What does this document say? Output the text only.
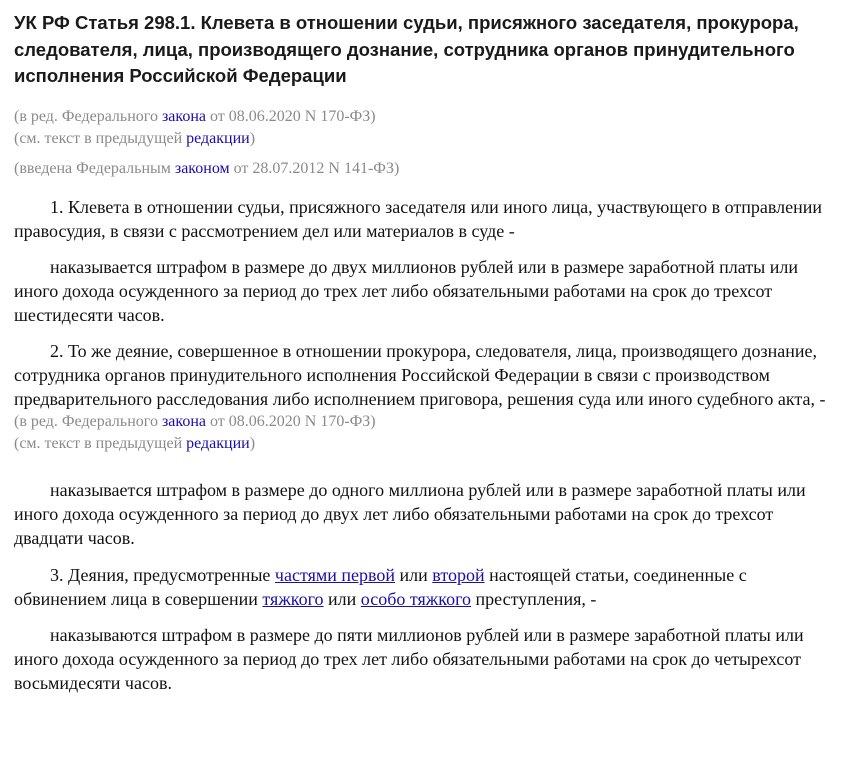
УК РФ Статья 298.1. Клевета в отношении судьи, присяжного заседателя, прокурора, следователя, лица, производящего дознание, сотрудника органов принудительного исполнения Российской Федерации
(в ред. Федерального закона от 08.06.2020 N 170-ФЗ)
(см. текст в предыдущей редакции)
(введена Федеральным законом от 28.07.2012 N 141-ФЗ)

1. Клевета в отношении судьи, присяжного заседателя или иного лица, участвующего в отправлении правосудия, в связи с рассмотрением дел или материалов в суде -

наказывается штрафом в размере до двух миллионов рублей или в размере заработной платы или иного дохода осужденного за период до трех лет либо обязательными работами на срок до трехсот шестидесяти часов.

2. То же деяние, совершенное в отношении прокурора, следователя, лица, производящего дознание, сотрудника органов принудительного исполнения Российской Федерации в связи с производством предварительного расследования либо исполнением приговора, решения суда или иного судебного акта, -

(в ред. Федерального закона от 08.06.2020 N 170-ФЗ)
(см. текст в предыдущей редакции)

наказывается штрафом в размере до одного миллиона рублей или в размере заработной платы или иного дохода осужденного за период до двух лет либо обязательными работами на срок до трехсот двадцати часов.

3. Деяния, предусмотренные частями первой или второй настоящей статьи, соединенные с обвинением лица в совершении тяжкого или особо тяжкого преступления, -

наказываются штрафом в размере до пяти миллионов рублей или в размере заработной платы или иного дохода осужденного за период до трех лет либо обязательными работами на срок до четырехсот восьмидесяти часов.
